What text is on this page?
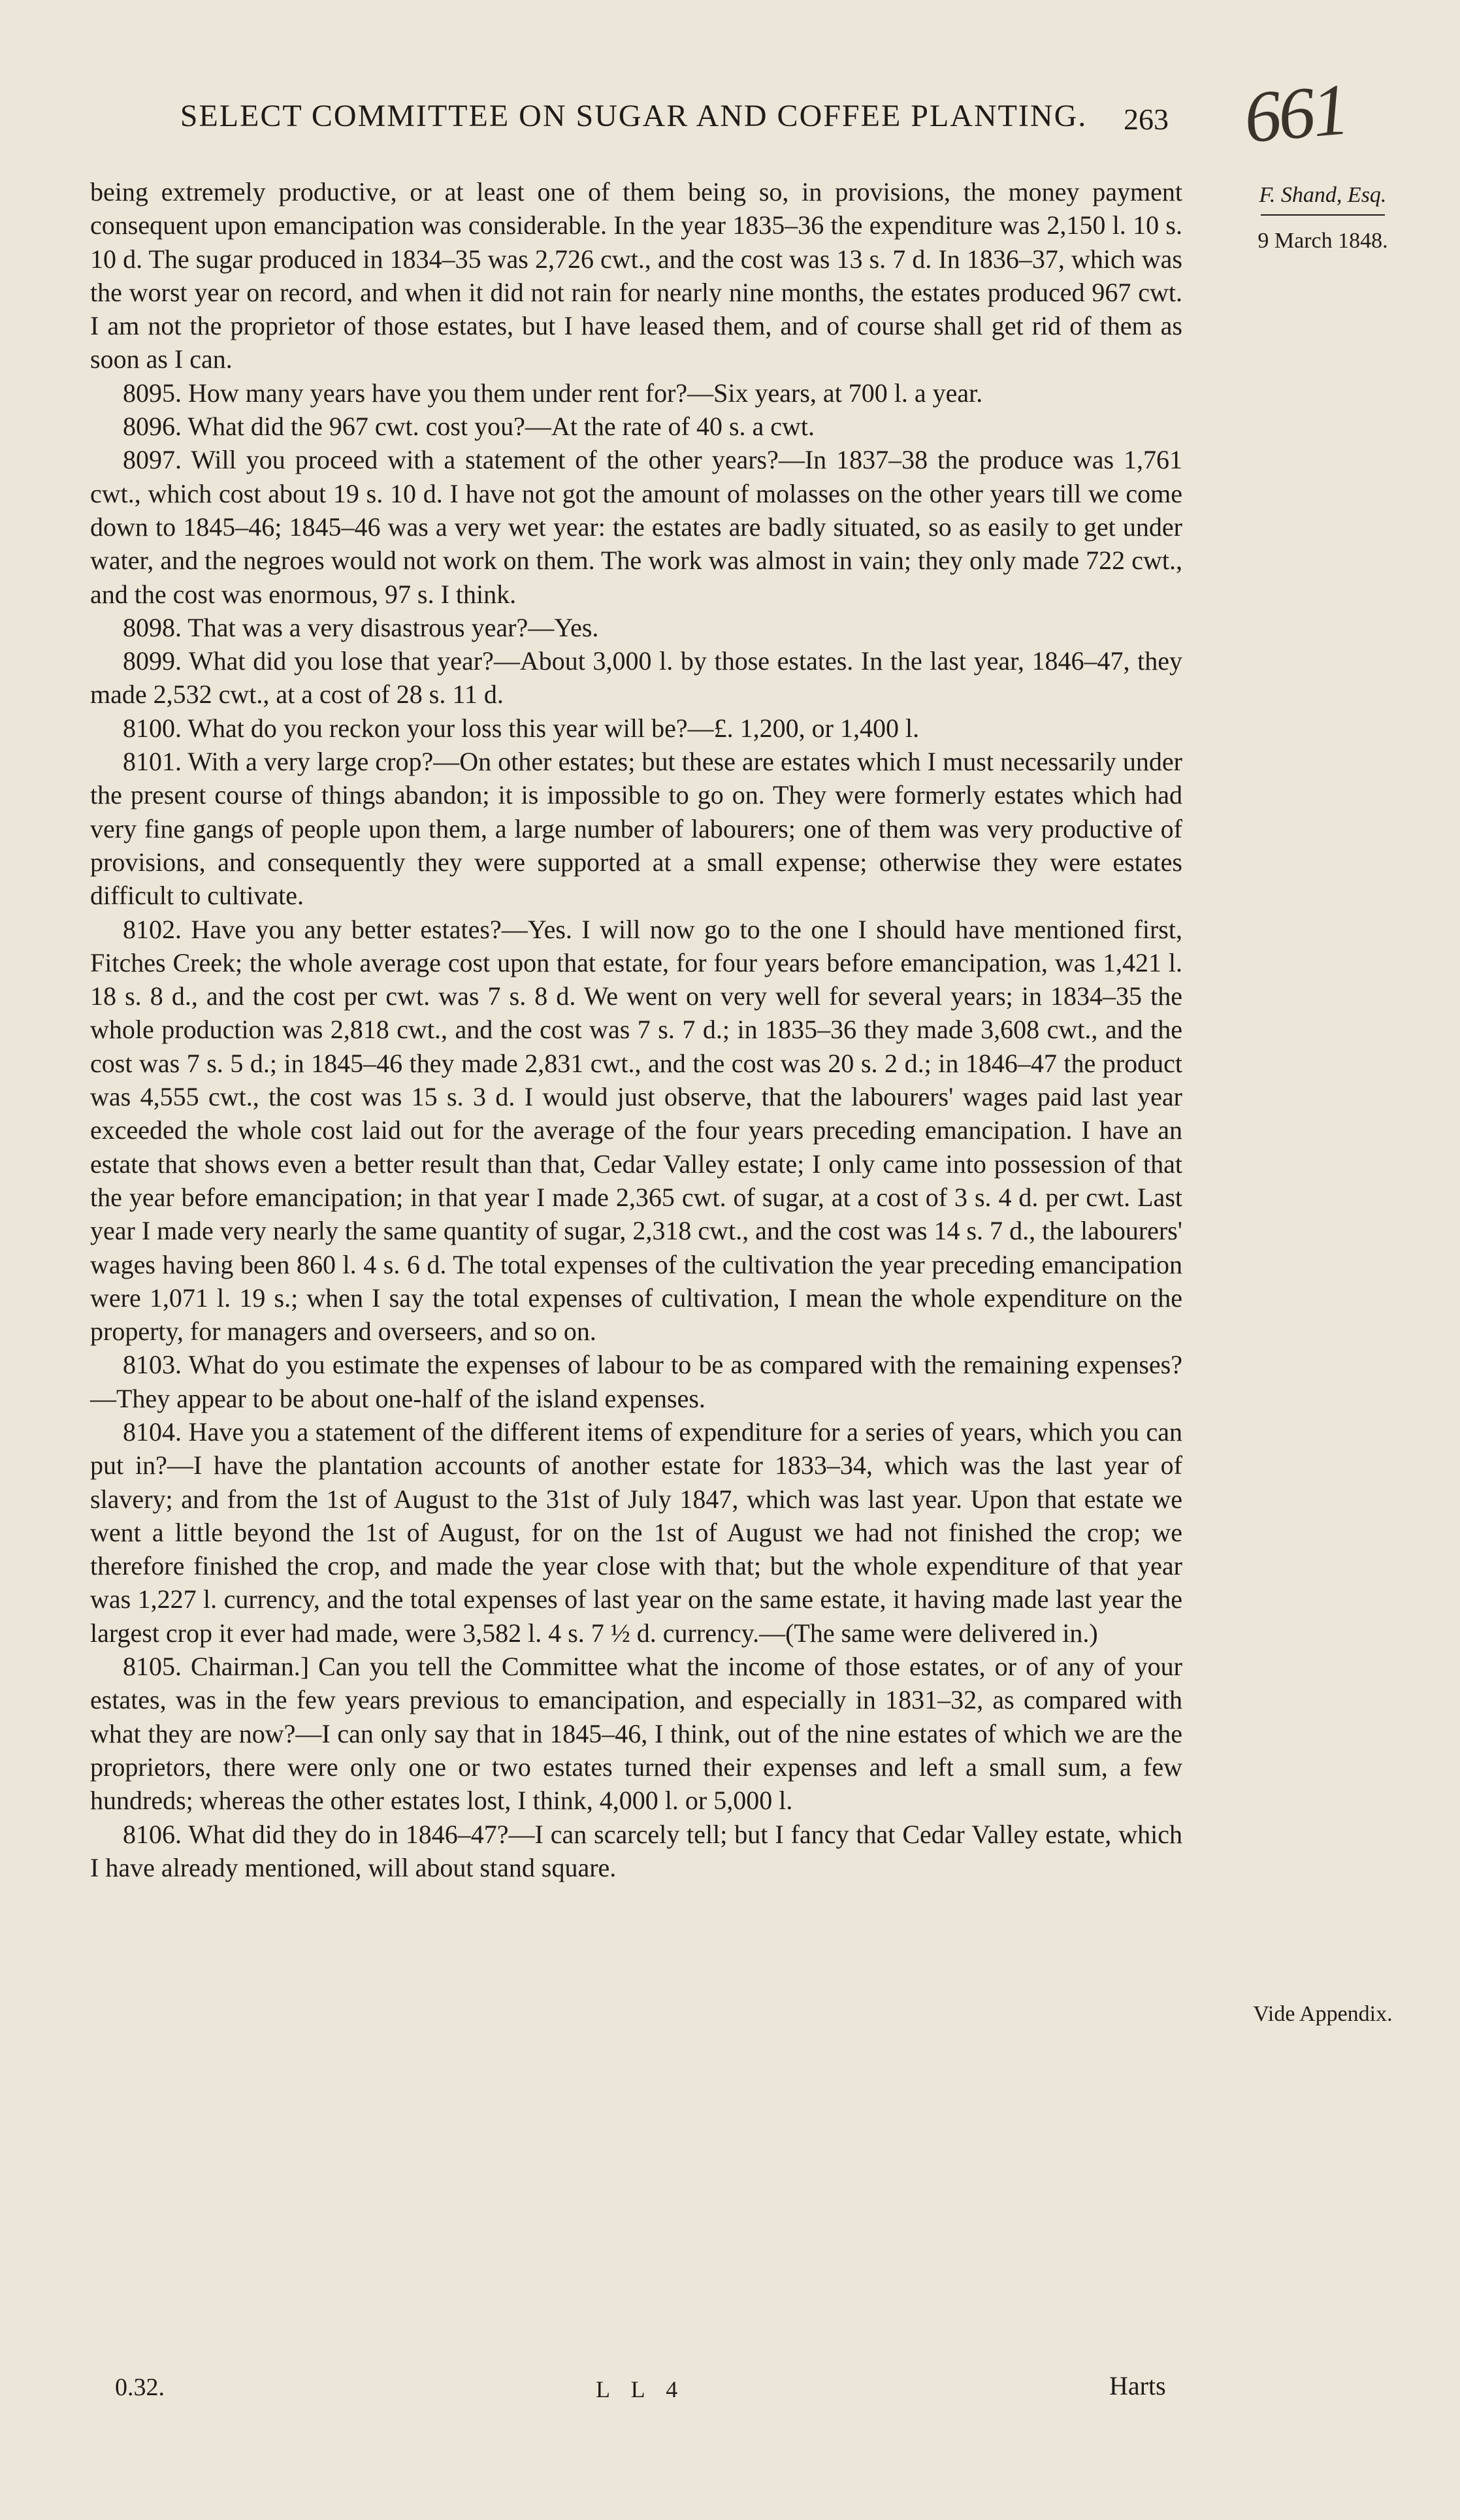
SELECT COMMITTEE ON SUGAR AND COFFEE PLANTING.	263 661
F. Shand, Esq.
9 March 1848.
Vide Appendix.

being extremely productive, or at least one of them being so, in provisions, the money payment consequent upon emancipation was considerable. In the year 1835–36 the expenditure was 2,150 l. 10 s. 10 d. The sugar produced in 1834–35 was 2,726 cwt., and the cost was 13 s. 7 d. In 1836–37, which was the worst year on record, and when it did not rain for nearly nine months, the estates produced 967 cwt. I am not the proprietor of those estates, but I have leased them, and of course shall get rid of them as soon as I can.

8095. How many years have you them under rent for?—Six years, at 700 l. a year.

8096. What did the 967 cwt. cost you?—At the rate of 40 s. a cwt.

8097. Will you proceed with a statement of the other years?—In 1837–38 the produce was 1,761 cwt., which cost about 19 s. 10 d. I have not got the amount of molasses on the other years till we come down to 1845–46; 1845–46 was a very wet year: the estates are badly situated, so as easily to get under water, and the negroes would not work on them. The work was almost in vain; they only made 722 cwt., and the cost was enormous, 97 s. I think.

8098. That was a very disastrous year?—Yes.

8099. What did you lose that year?—About 3,000 l. by those estates. In the last year, 1846–47, they made 2,532 cwt., at a cost of 28 s. 11 d.

8100. What do you reckon your loss this year will be?—£. 1,200, or 1,400 l.

8101. With a very large crop?—On other estates; but these are estates which I must necessarily under the present course of things abandon; it is impossible to go on. They were formerly estates which had very fine gangs of people upon them, a large number of labourers; one of them was very productive of provisions, and consequently they were supported at a small expense; otherwise they were estates difficult to cultivate.

8102. Have you any better estates?—Yes. I will now go to the one I should have mentioned first, Fitches Creek; the whole average cost upon that estate, for four years before emancipation, was 1,421 l. 18 s. 8 d., and the cost per cwt. was 7 s. 8 d. We went on very well for several years; in 1834–35 the whole production was 2,818 cwt., and the cost was 7 s. 7 d.; in 1835–36 they made 3,608 cwt., and the cost was 7 s. 5 d.; in 1845–46 they made 2,831 cwt., and the cost was 20 s. 2 d.; in 1846–47 the product was 4,555 cwt., the cost was 15 s. 3 d. I would just observe, that the labourers' wages paid last year exceeded the whole cost laid out for the average of the four years preceding emancipation. I have an estate that shows even a better result than that, Cedar Valley estate; I only came into possession of that the year before emancipation; in that year I made 2,365 cwt. of sugar, at a cost of 3 s. 4 d. per cwt. Last year I made very nearly the same quantity of sugar, 2,318 cwt., and the cost was 14 s. 7 d., the labourers' wages having been 860 l. 4 s. 6 d. The total expenses of the cultivation the year preceding emancipation were 1,071 l. 19 s.; when I say the total expenses of cultivation, I mean the whole expenditure on the property, for managers and overseers, and so on.

8103. What do you estimate the expenses of labour to be as compared with the remaining expenses?—They appear to be about one-half of the island expenses.

8104. Have you a statement of the different items of expenditure for a series of years, which you can put in?—I have the plantation accounts of another estate for 1833–34, which was the last year of slavery; and from the 1st of August to the 31st of July 1847, which was last year. Upon that estate we went a little beyond the 1st of August, for on the 1st of August we had not finished the crop; we therefore finished the crop, and made the year close with that; but the whole expenditure of that year was 1,227 l. currency, and the total expenses of last year on the same estate, it having made last year the largest crop it ever had made, were 3,582 l. 4 s. 7 ½ d. currency.—(The same were delivered in.)

8105. Chairman.] Can you tell the Committee what the income of those estates, or of any of your estates, was in the few years previous to emancipation, and especially in 1831–32, as compared with what they are now?—I can only say that in 1845–46, I think, out of the nine estates of which we are the proprietors, there were only one or two estates turned their expenses and left a small sum, a few hundreds; whereas the other estates lost, I think, 4,000 l. or 5,000 l.

8106. What did they do in 1846–47?—I can scarcely tell; but I fancy that Cedar Valley estate, which I have already mentioned, will about stand square.

0.32.	L L 4	Harts
